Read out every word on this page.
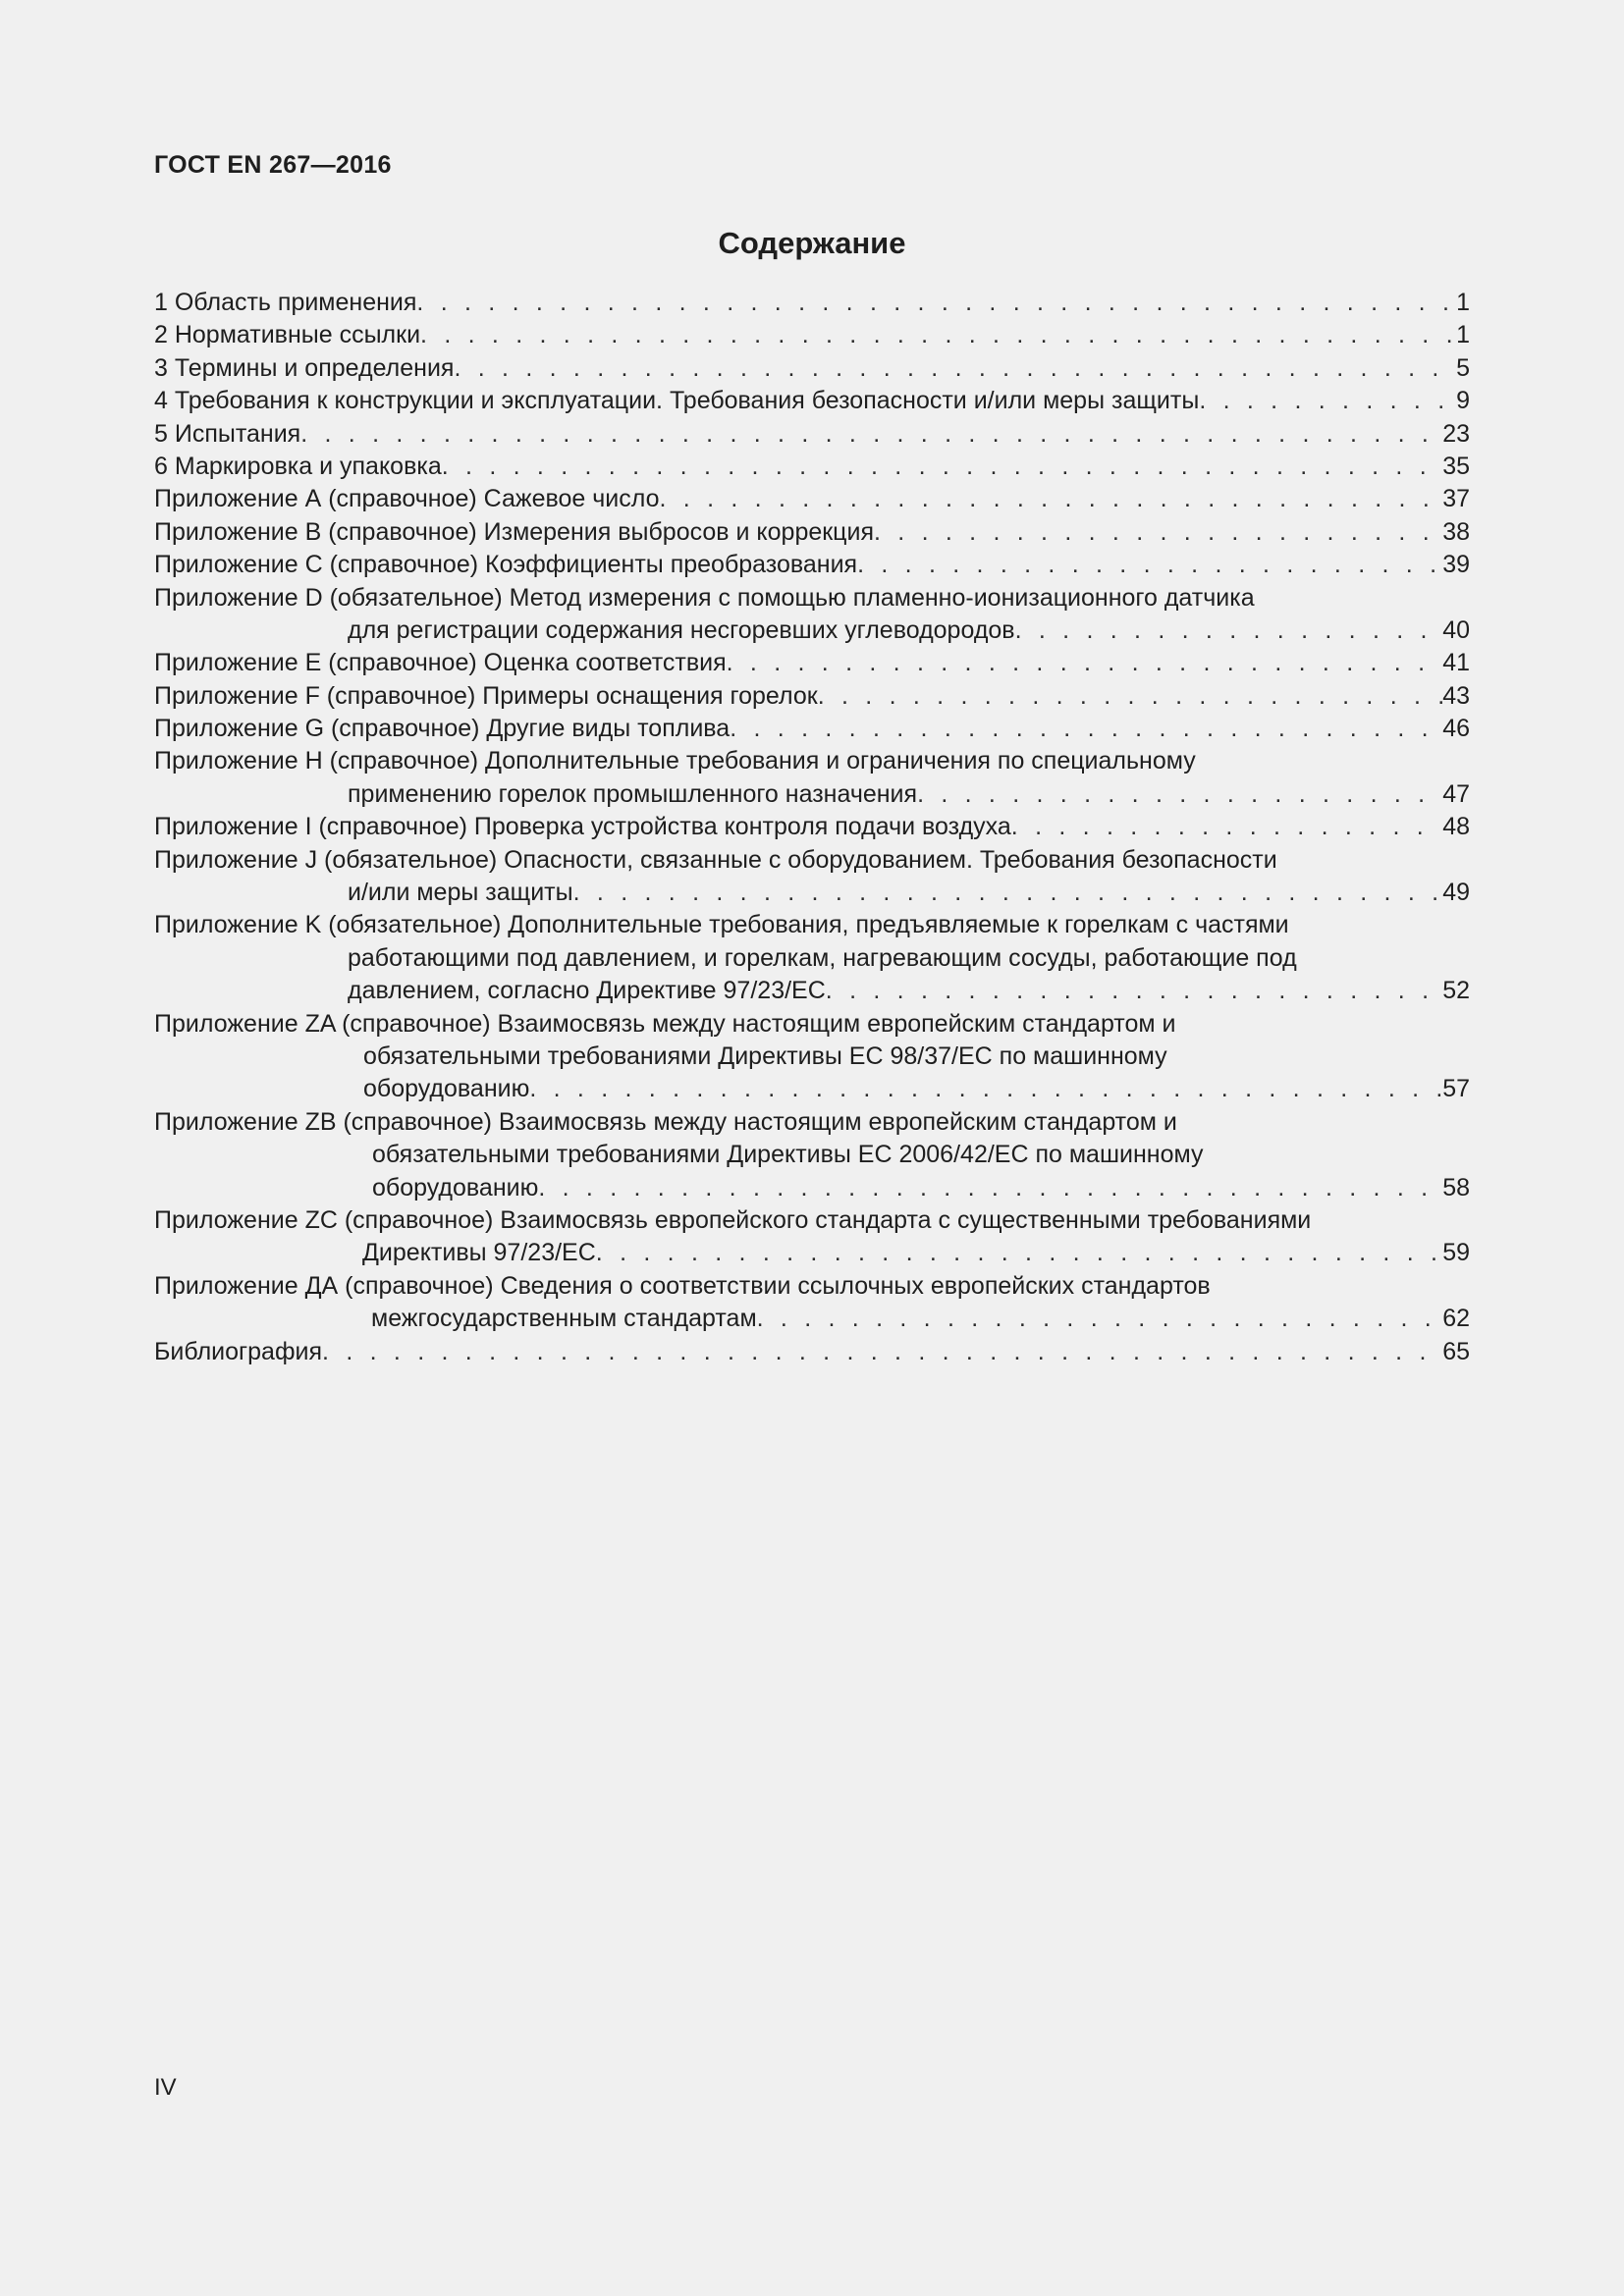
ГОСТ EN 267—2016
Содержание
1 Область применения . . .	1
2 Нормативные ссылки . . .	1
3 Термины и определения . . .	5
4 Требования к конструкции и эксплуатации. Требования безопасности и/или меры защиты . . .	9
5 Испытания . . .	23
6 Маркировка и упаковка . . .	35
Приложение А (справочное) Сажевое число . . .	37
Приложение В (справочное) Измерения выбросов и коррекция . . .	38
Приложение С (справочное) Коэффициенты преобразования . . .	39
Приложение D (обязательное) Метод измерения с помощью пламенно-ионизационного датчика
для регистрации содержания несгоревших углеводородов . . .	40
Приложение Е (справочное) Оценка соответствия . . .	41
Приложение F (справочное) Примеры оснащения горелок . . .	43
Приложение G (справочное) Другие виды топлива . . .	46
Приложение Н (справочное) Дополнительные требования и ограничения по специальному
применению горелок промышленного назначения . . .	47
Приложение I (справочное) Проверка устройства контроля подачи воздуха . . .	48
Приложение J (обязательное) Опасности, связанные с оборудованием. Требования безопасности
и/или меры защиты . . .	49
Приложение K (обязательное) Дополнительные требования, предъявляемые к горелкам с частями
работающими под давлением, и горелкам, нагревающим сосуды, работающие под
давлением, согласно Директиве 97/23/ЕС . . .	52
Приложение ZA (справочное) Взаимосвязь между настоящим европейским стандартом и
обязательными требованиями Директивы ЕС 98/37/ЕС по машинному
оборудованию . . .	57
Приложение ZB (справочное) Взаимосвязь между настоящим европейским стандартом и
обязательными требованиями Директивы ЕС 2006/42/ЕС по машинному
оборудованию . . .	58
Приложение ZC (справочное) Взаимосвязь европейского стандарта с существенными требованиями
Директивы 97/23/ЕС . . .	59
Приложение ДА (справочное) Сведения о соответствии ссылочных европейских стандартов
межгосударственным стандартам . . .	62
Библиография . . .	65
IV
